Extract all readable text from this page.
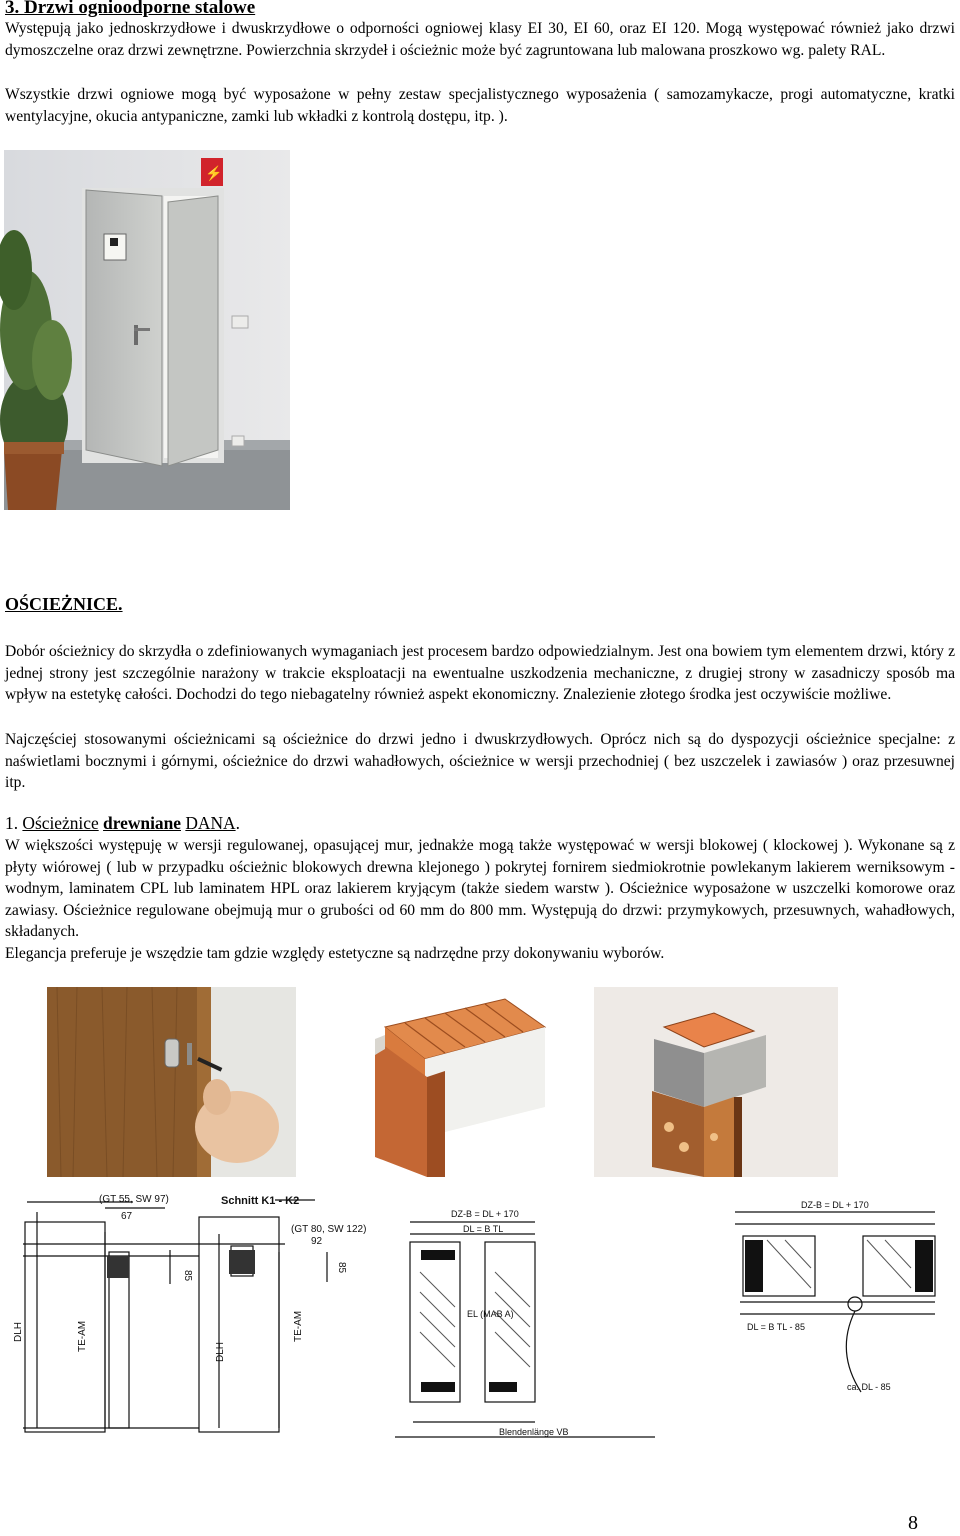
3. Drzwi ognioodporne stalowe

Występują jako jednoskrzydłowe i dwuskrzydłowe o odporności ogniowej klasy EI 30, EI 60, oraz EI 120. Mogą występować również jako drzwi dymoszczelne oraz drzwi zewnętrzne. Powierzchnia skrzydeł i ościeżnic może być zagruntowana lub malowana proszkowo wg. palety RAL.

Wszystkie drzwi ogniowe mogą być wyposażone w pełny zestaw specjalistycznego wyposażenia ( samozamykacze, progi automatyczne, kratki wentylacyjne, okucia antypaniczne, zamki lub wkładki z kontrolą dostępu, itp. ).

⚡
OŚCIEŻNICE.

Dobór ościeżnicy do skrzydła o zdefiniowanych wymaganiach jest procesem bardzo odpowiedzialnym. Jest ona bowiem tym elementem drzwi, który z jednej strony jest szczególnie narażony w trakcie eksploatacji na ewentualne uszkodzenia mechaniczne, z drugiej strony w zasadniczy sposób ma wpływ na estetykę całości. Dochodzi do tego niebagatelny również aspekt ekonomiczny. Znalezienie złotego środka jest oczywiście możliwe.

Najczęściej stosowanymi ościeżnicami są ościeżnice do drzwi jedno i dwuskrzydłowych. Oprócz nich są do dyspozycji ościeżnice specjalne: z naświetlami bocznymi i górnymi, ościeżnice do drzwi wahadłowych, ościeżnice w wersji przechodniej ( bez uszczelek i zawiasów ) oraz przesuwnej itp.

1. Ościeżnice drewniane DANA.

W większości występuję w wersji regulowanej, opasującej mur, jednakże mogą także występować w wersji blokowej ( klockowej ). Wykonane są z płyty wiórowej ( lub w przypadku ościeżnic blokowych drewna klejonego ) pokrytej fornirem siedmiokrotnie powlekanym lakierem werniksowym - wodnym, laminatem CPL lub laminatem HPL oraz lakierem kryjącym (także siedem warstw ). Ościeżnice wyposażone w uszczelki komorowe oraz zawiasy. Ościeżnice regulowane obejmują mur o grubości od 60 mm do 800 mm. Występują do drzwi: przymykowych, przesuwnych, wahadłowych, składanych.

Elegancja preferuje je wszędzie tam gdzie względy estetyczne są nadrzędne przy dokonywaniu wyborów.

(GT 55, SW 97)
67
Schnitt K1 - K2
(GT 80, SW 122)
92
85
85
DLH	TE-AM	DLH
TE-AM
DZ-B = DL + 170
DL = B TL
EL (MAB A)
Blendenlänge VB
DZ-B = DL + 170
DL = B TL - 85
ca. DL - 85
8
